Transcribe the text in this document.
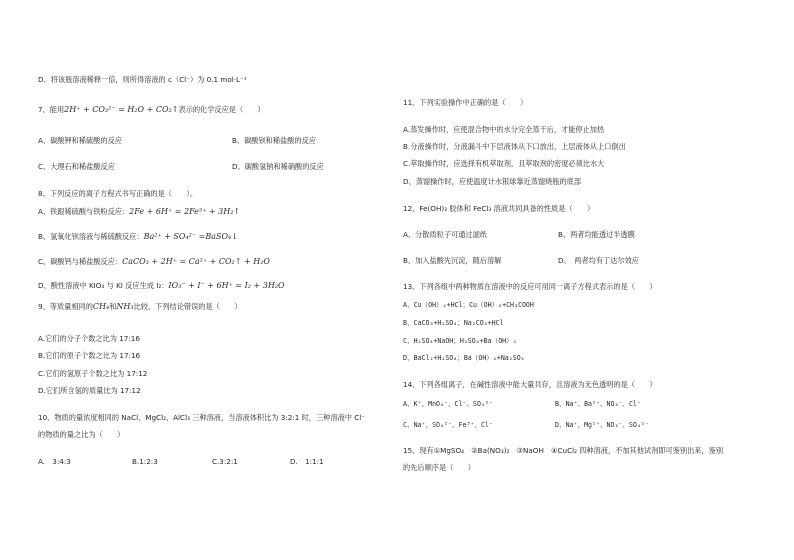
D．将该瓶溶液稀释一倍，则所得溶液的 c（Cl⁻）为 0.1 mol·L⁻¹
7、能用2H⁺ + CO₃²⁻ = H₂O + CO₂↑表示的化学反应是（　　）
A、碳酸钾和稀硫酸的反应	B、碳酸钡和稀盐酸的反应
C、大理石和稀盐酸反应	D、碳酸氢钠和稀硝酸的反应
8、下列反应的离子方程式书写正确的是（　　）。
A、铁跟稀硫酸与铁粉反应：2Fe + 6H⁺ = 2Fe³⁺ + 3H₂↑
B、氢氧化钡溶液与稀硫酸反应：Ba²⁺ + SO₄²⁻ =BaSO₄↓
C、碳酸钙与稀盐酸反应：CaCO₃ + 2H⁺ = Ca²⁺ + CO₂↑ + H₂O
D、酸性溶液中 KIO₃ 与 KI 反应生成 I₂：IO₃⁻ + I⁻ + 6H⁺ = I₂ + 3H₂O
9、等质量相同的CH₄和NH₃比较，下列结论错误的是（　　）
A.它们的分子个数之比为 17:16
B.它们的原子个数之比为 17:16
C.它们的氢原子个数之比为 17:12
D.它们所含氢的质量比为 17:12
10、物质的量浓度相同的 NaCl、MgCl₂、AlCl₃ 三种溶液，当溶液体积比为 3:2:1 时，三种溶液中 Cl⁻
的物质的量之比为（　　）
A.　3:4:3	B.1:2:3	C.3:2:1	D.　1:1:1
11、下列实验操作中正确的是（　　）
A.蒸发操作时，应使混合物中的水分完全蒸干后，才能停止加热
B.分液操作时，分液漏斗中下层液体从下口放出，上层液体从上口倒出
C.萃取操作时，应选择有机萃取剂，且萃取剂的密度必须比水大
D、蒸馏操作时，应使温度计水银球靠近蒸馏烧瓶的底部
12、Fe(OH)₃ 胶体和 FeCl₃ 溶液共同具备的性质是（　　）
A、分散质粒子可通过滤纸	B、两者均能透过半透膜
B、加入盐酸先沉淀，随后溶解	D、　两者均有丁达尔效应
13、下列各组中两种物质在溶液中的反应可用同一离子方程式表示的是（　　）
A、Cu（OH）₂+HCl；Cu（OH）₂+CH₃COOH
B、CaCO₃+H₂SO₄；Na₂CO₃+HCl
C、H₂SO₄+NaOH；H₂SO₄+Ba（OH）₂
D、BaCl₂+H₂SO₄；Ba（OH）₂+Na₂SO₄
14、下列各组离子，在碱性溶液中能大量共存，且溶液为无色透明的是（　　）
A、K⁺、MnO₄⁻、Cl⁻、SO₄²⁻	B、Na⁺、Ba²⁺、NO₃⁻、Cl⁻
C、Na⁺、SO₄²⁻、Fe³⁺、Cl⁻	D、Na⁺、Mg²⁺、NO₃⁻、SO₄²⁻
15、现有①MgSO₄　②Ba(NO₃)₂　③NaOH　④CuCl₂ 四种溶液，不加其他试剂即可鉴别出来，鉴别
的先后顺序是（　　）
